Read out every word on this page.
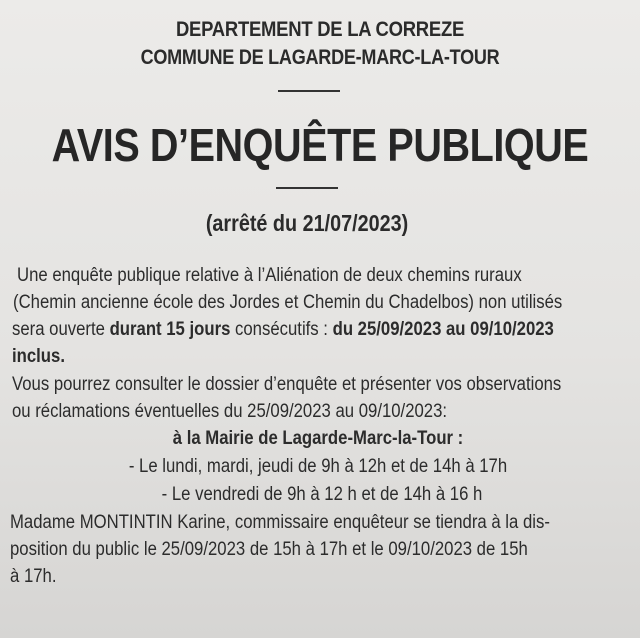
DEPARTEMENT DE LA CORREZE
COMMUNE DE LAGARDE-MARC-LA-TOUR
AVIS D’ENQUÊTE PUBLIQUE
(arrêté du 21/07/2023)
Une enquête publique relative à l’Aliénation de deux chemins ruraux
(Chemin ancienne école des Jordes et Chemin du Chadelbos) non utilisés
sera ouverte durant 15 jours consécutifs : du 25/09/2023 au 09/10/2023
inclus.
Vous pourrez consulter le dossier d’enquête et présenter vos observations
ou réclamations éventuelles du 25/09/2023 au 09/10/2023:
à la Mairie de Lagarde-Marc-la-Tour :
- Le lundi, mardi, jeudi de 9h à 12h et de 14h à 17h
- Le vendredi de 9h à 12 h et de 14h à 16 h
Madame MONTINTIN Karine, commissaire enquêteur se tiendra à la dis-
position du public le 25/09/2023 de 15h à 17h et le 09/10/2023 de 15h
à 17h.
